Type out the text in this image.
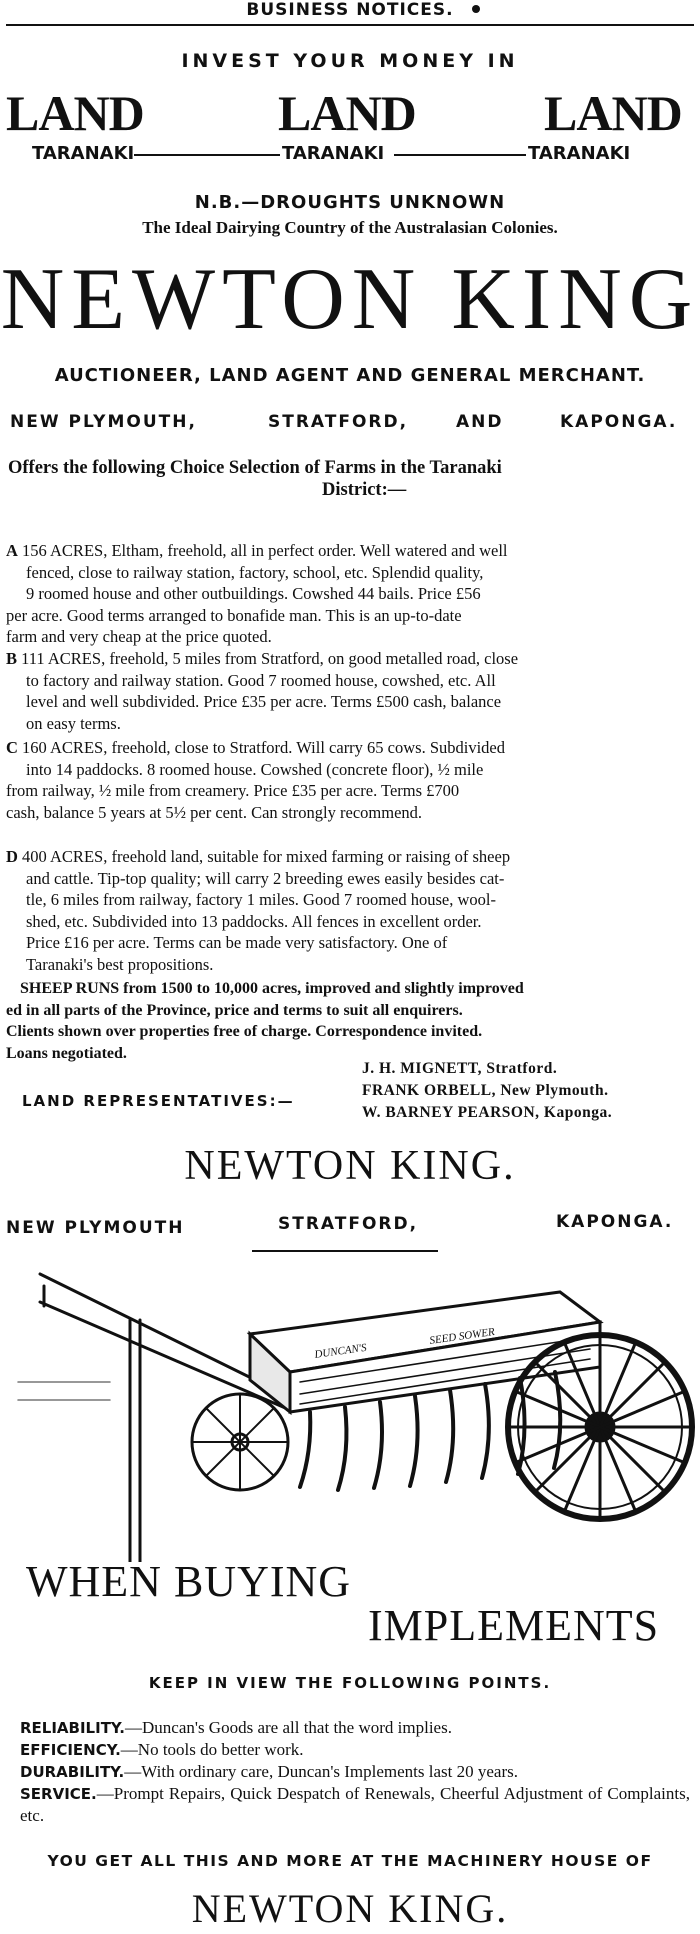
BUSINESS NOTICES.
INVEST YOUR MONEY IN
LAND	LAND	LAND
TARANAKI	TARANAKI	TARANAKI
N.B.—DROUGHTS UNKNOWN
The Ideal Dairying Country of the Australasian Colonies.
NEWTON KING
AUCTIONEER, LAND AGENT AND GENERAL MERCHANT.
NEW PLYMOUTH,	STRATFORD,	AND	KAPONGA.
Offers the following Choice Selection of Farms in the Taranaki
District:—
A 156 ACRES, Eltham, freehold, all in perfect order. Well watered and well
fenced, close to railway station, factory, school, etc. Splendid quality,
9 roomed house and other outbuildings. Cowshed 44 bails. Price £56
per acre. Good terms arranged to bonafide man. This is an up-to-date
farm and very cheap at the price quoted.
B 111 ACRES, freehold, 5 miles from Stratford, on good metalled road, close
to factory and railway station. Good 7 roomed house, cowshed, etc. All
level and well subdivided. Price £35 per acre. Terms £500 cash, balance
on easy terms.
C 160 ACRES, freehold, close to Stratford. Will carry 65 cows. Subdivided
into 14 paddocks. 8 roomed house. Cowshed (concrete floor), ½ mile
from railway, ½ mile from creamery. Price £35 per acre. Terms £700
cash, balance 5 years at 5½ per cent. Can strongly recommend.
D 400 ACRES, freehold land, suitable for mixed farming or raising of sheep
and cattle. Tip-top quality; will carry 2 breeding ewes easily besides cat-
tle, 6 miles from railway, factory 1 miles. Good 7 roomed house, wool-
shed, etc. Subdivided into 13 paddocks. All fences in excellent order.
Price £16 per acre. Terms can be made very satisfactory. One of
Taranaki's best propositions.
SHEEP RUNS from 1500 to 10,000 acres, improved and slightly improved
ed in all parts of the Province, price and terms to suit all enquirers.
Clients shown over properties free of charge. Correspondence invited.
Loans negotiated.
LAND REPRESENTATIVES:—
J. H. MIGNETT, Stratford.
FRANK ORBELL, New Plymouth.
W. BARNEY PEARSON, Kaponga.
NEWTON KING.
NEW PLYMOUTH	STRATFORD,	KAPONGA.
DUNCAN'S
SEED SOWER
WHEN BUYING
IMPLEMENTS
KEEP IN VIEW THE FOLLOWING POINTS.
RELIABILITY.—Duncan's Goods are all that the word implies.
EFFICIENCY.—No tools do better work.
DURABILITY.—With ordinary care, Duncan's Implements last 20 years.
SERVICE.—Prompt Repairs, Quick Despatch of Renewals, Cheerful Adjustment of Complaints, etc.
YOU GET ALL THIS AND MORE AT THE MACHINERY HOUSE OF
NEWTON KING.
